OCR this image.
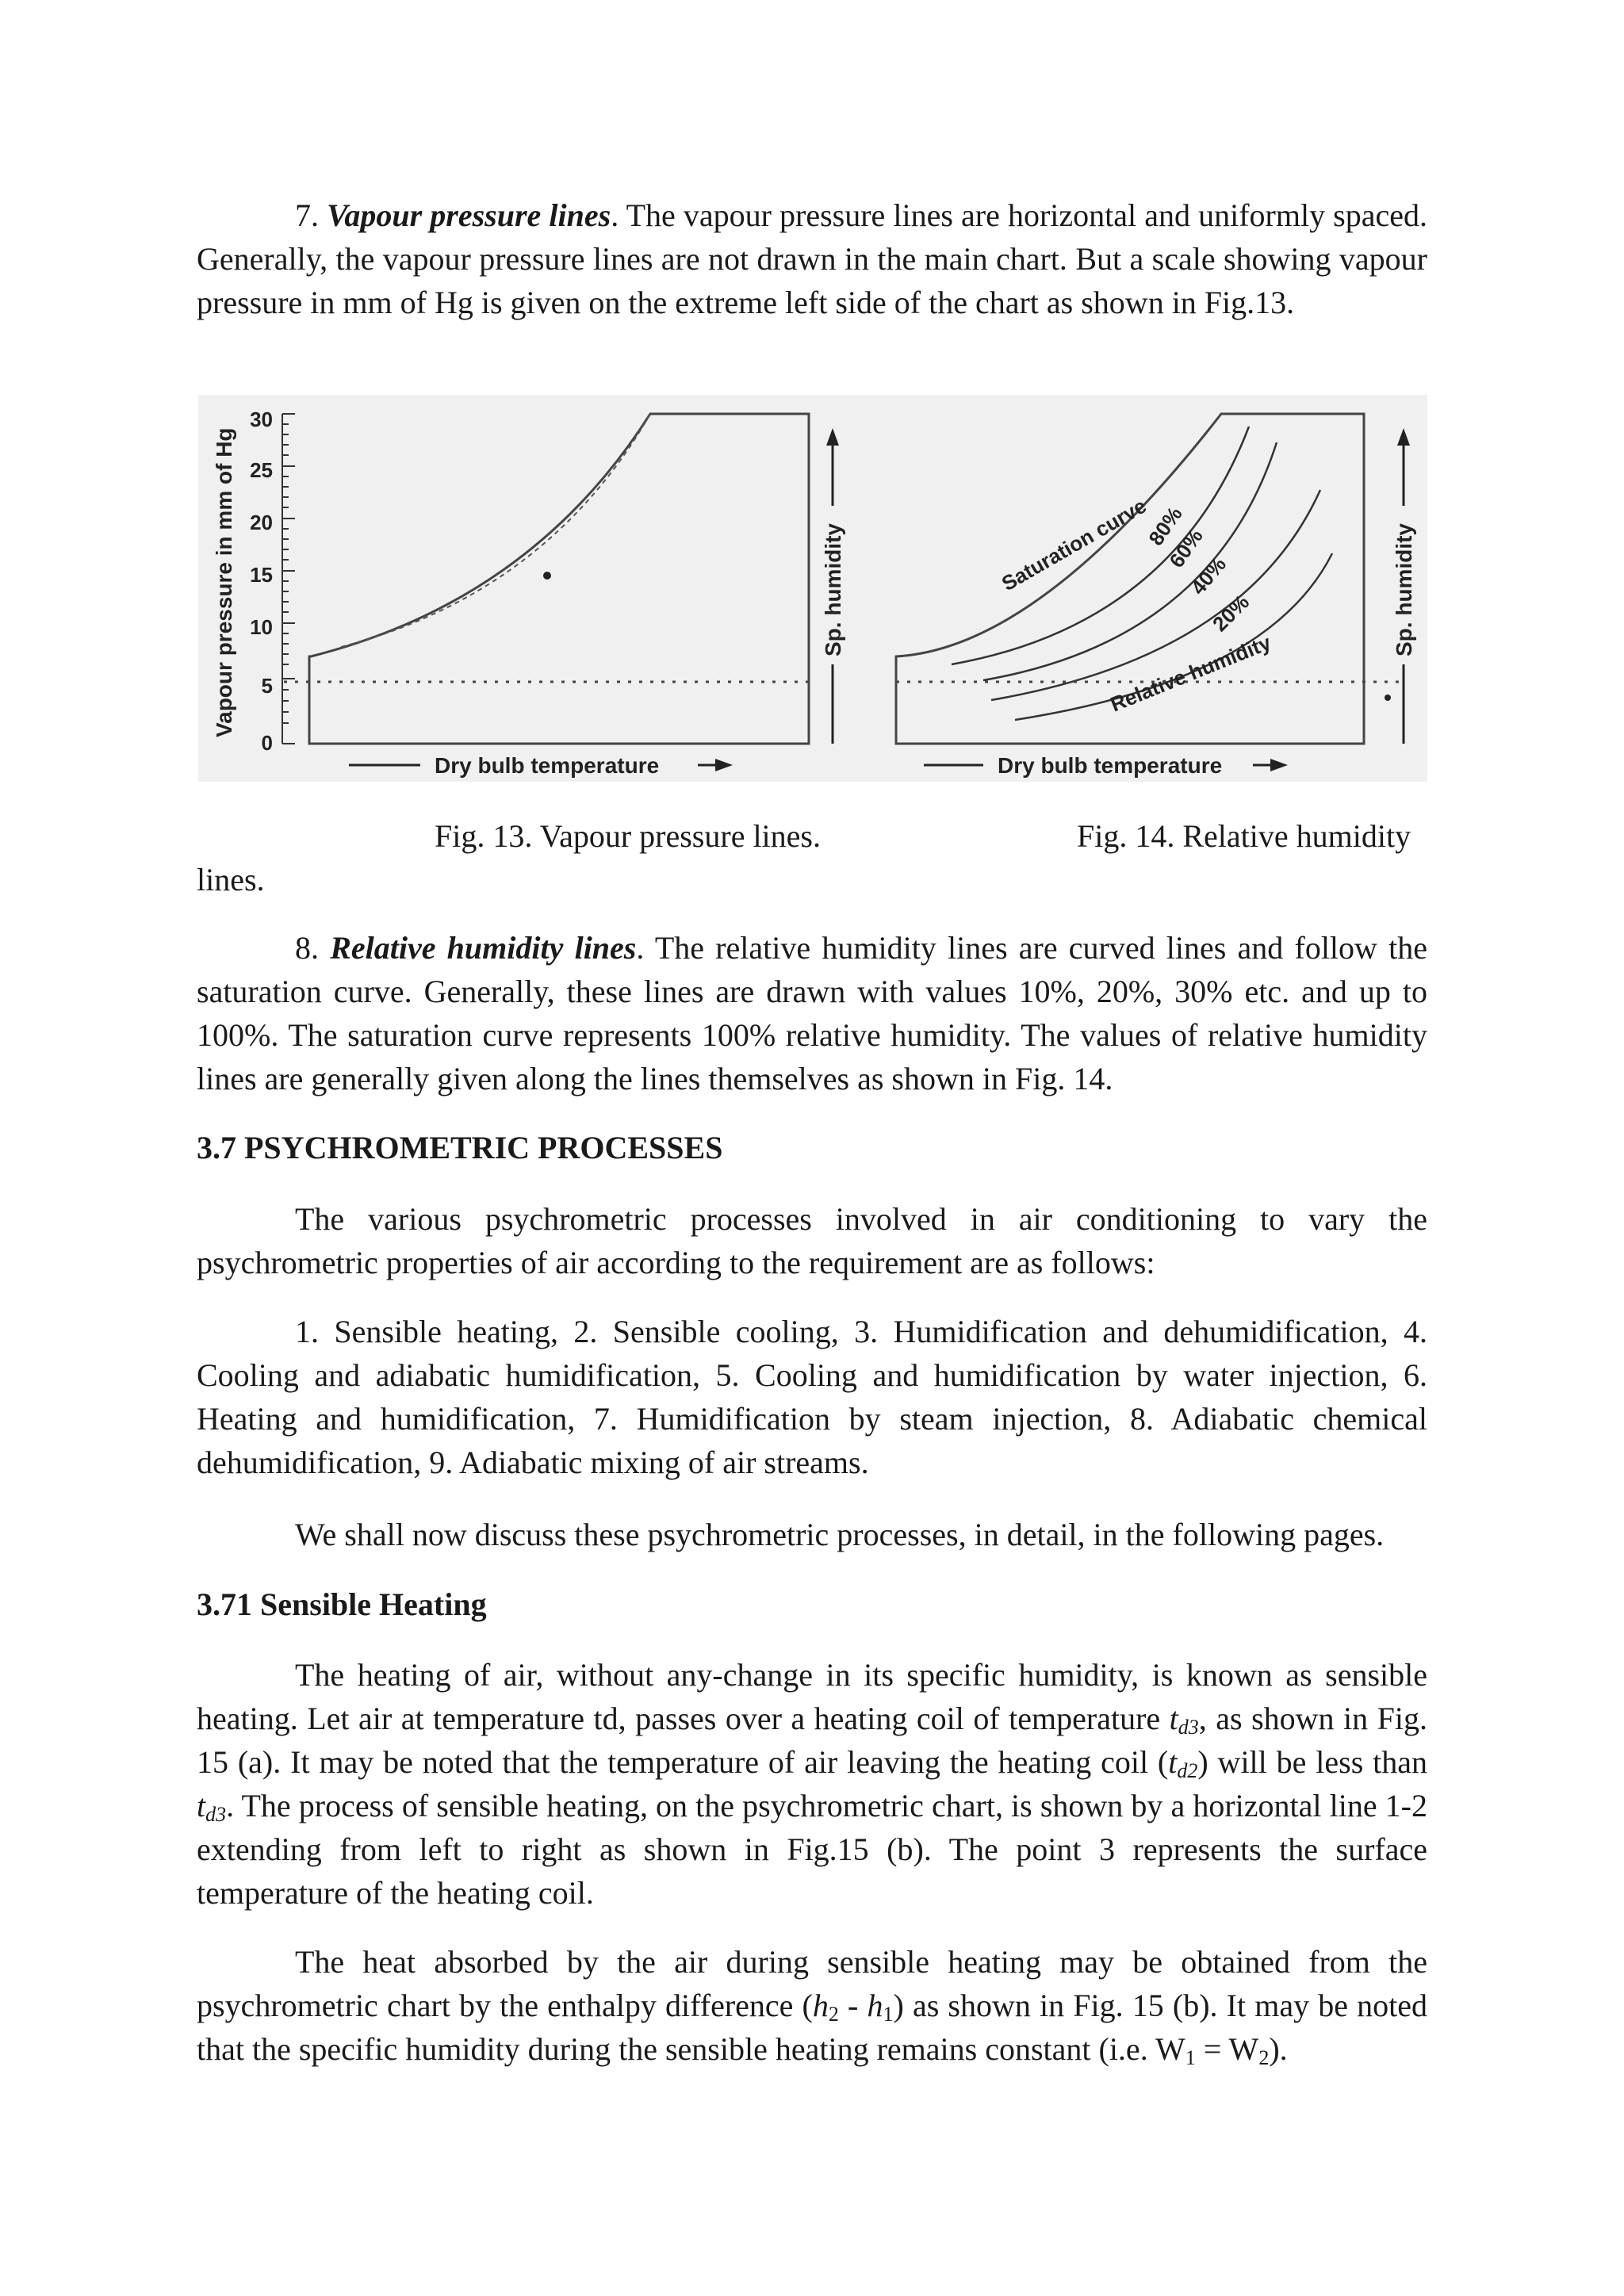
7. Vapour pressure lines. The vapour pressure lines are horizontal and uniformly spaced. Generally, the vapour pressure lines are not drawn in the main chart. But a scale showing vapour pressure in mm of Hg is given on the extreme left side of the chart as shown in Fig.13.

Vapour pressure in mm of Hg
30
25
20
15
10
5
0
Sp. humidity
Dry bulb temperature
Saturation curve
80%
60%
40%
20%
Relative humidity
Sp. humidity
Dry bulb temperature

Fig. 13. Vapour pressure lines.	Fig. 14. Relative humidity

lines.

8. Relative humidity lines. The relative humidity lines are curved lines and follow the saturation curve. Generally, these lines are drawn with values 10%, 20%, 30% etc. and up to 100%. The saturation curve represents 100% relative humidity. The values of relative humidity lines are generally given along the lines themselves as shown in Fig. 14.

3.7 PSYCHROMETRIC PROCESSES

The various psychrometric processes involved in air conditioning to vary the psychrometric properties of air according to the requirement are as follows:

1. Sensible heating, 2. Sensible cooling, 3. Humidification and dehumidification, 4. Cooling and adiabatic humidification, 5. Cooling and humidification by water injection, 6. Heating and humidification, 7. Humidification by steam injection, 8. Adiabatic chemical dehumidification, 9. Adiabatic mixing of air streams.

We shall now discuss these psychrometric processes, in detail, in the following pages.

3.71 Sensible Heating

The heating of air, without any-change in its specific humidity, is known as sensible heating. Let air at temperature td, passes over a heating coil of temperature $t_{d3}$, as shown in Fig. 15 (a). It may be noted that the temperature of air leaving the heating coil $(t_{d2})$ will be less than $t_{d3}$. The process of sensible heating, on the psychrometric chart, is shown by a horizontal line 1-2 extending from left to right as shown in Fig.15 (b). The point 3 represents the surface temperature of the heating coil.

The heat absorbed by the air during sensible heating may be obtained from the psychrometric chart by the enthalpy difference $(h_2 - h_1)$ as shown in Fig. 15 (b). It may be noted that the specific humidity during the sensible heating remains constant (i.e. $W_1 = W_2$).
